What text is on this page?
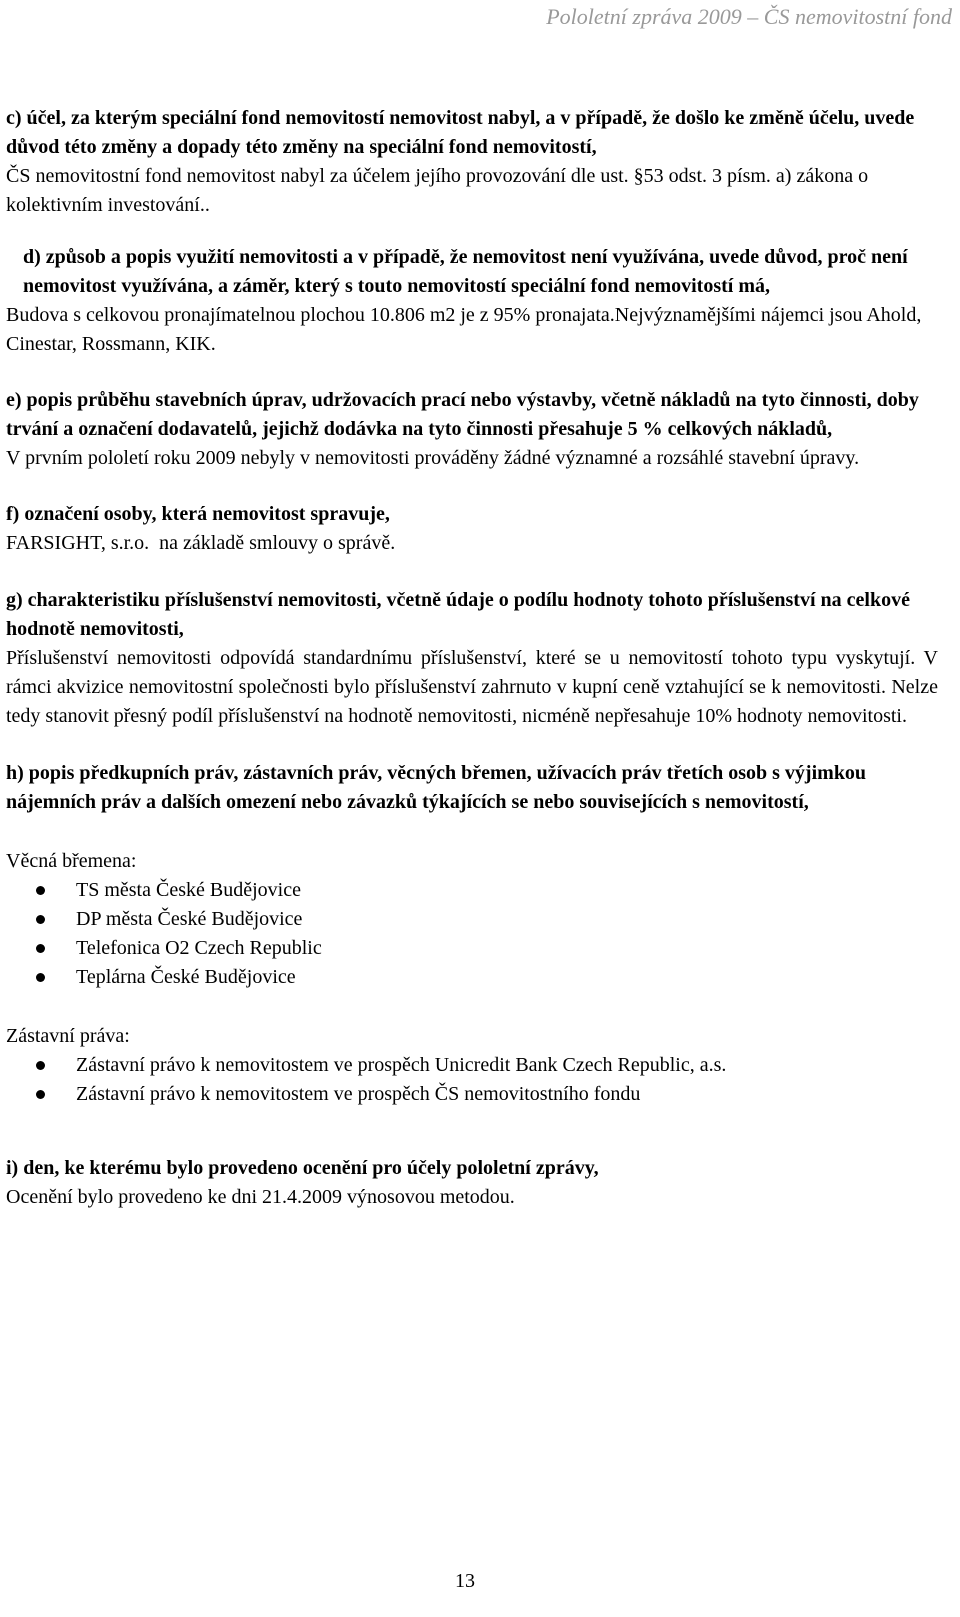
Pololetní zpráva 2009 – ČS nemovitostní fond
c) účel, za kterým speciální fond nemovitostí nemovitost nabyl, a v případě, že došlo ke změně účelu, uvede důvod této změny a dopady této změny na speciální fond nemovitostí,
ČS nemovitostní fond nemovitost nabyl za účelem jejího provozování dle ust. §53 odst. 3 písm. a) zákona o kolektivním investování..
d) způsob a popis využití nemovitosti a v případě, že nemovitost není využívána, uvede důvod, proč není nemovitost využívána, a záměr, který s touto nemovitostí speciální fond nemovitostí má,
Budova s celkovou pronajímatelnou plochou 10.806 m2 je z 95% pronajata.Nejvýznamějšími nájemci jsou Ahold, Cinestar, Rossmann, KIK.
e) popis průběhu stavebních úprav, udržovacích prací nebo výstavby, včetně nákladů na tyto činnosti, doby trvání a označení dodavatelů, jejichž dodávka na tyto činnosti přesahuje 5 % celkových nákladů,
V prvním pololetí roku 2009 nebyly v nemovitosti prováděny žádné významné a rozsáhlé stavební úpravy.
f) označení osoby, která nemovitost spravuje,
FARSIGHT, s.r.o.  na základě smlouvy o správě.
g) charakteristiku příslušenství nemovitosti, včetně údaje o podílu hodnoty tohoto příslušenství na celkové hodnotě nemovitosti,
Příslušenství nemovitosti odpovídá standardnímu příslušenství, které se u nemovitostí tohoto typu vyskytují. V rámci akvizice nemovitostní společnosti bylo příslušenství zahrnuto v kupní ceně vztahující se k nemovitosti. Nelze tedy stanovit přesný podíl příslušenství na hodnotě nemovitosti, nicméně nepřesahuje 10% hodnoty nemovitosti.
h) popis předkupních práv, zástavních práv, věcných břemen, užívacích práv třetích osob s výjimkou nájemních práv a dalších omezení nebo závazků týkajících se nebo souvisejících s nemovitostí,
Věcná břemena:
TS města České Budějovice
DP města České Budějovice
Telefonica O2 Czech Republic
Teplárna České Budějovice
Zástavní práva:
Zástavní právo k nemovitostem ve prospěch Unicredit Bank Czech Republic, a.s.
Zástavní právo k nemovitostem ve prospěch ČS nemovitostního fondu
i) den, ke kterému bylo provedeno ocenění pro účely pololetní zprávy,
Ocenění bylo provedeno ke dni 21.4.2009 výnosovou metodou.
13
